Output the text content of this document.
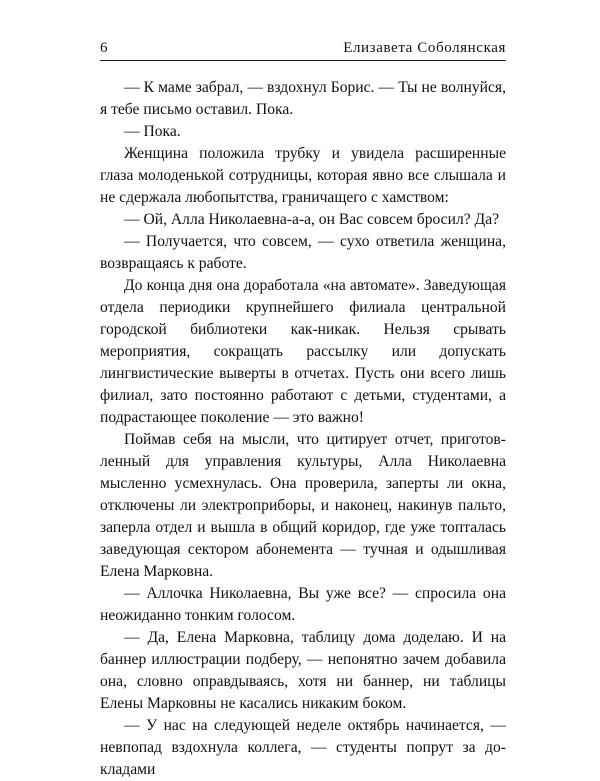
6	Елизавета Соболянская

— К маме забрал, — вздохнул Борис. — Ты не волнуйся, я тебе письмо оставил. Пока.

— Пока.

Женщина положила трубку и увидела расширенные глаза молоденькой сотрудницы, которая явно все слышала и не сдержала любопытства, граничащего с хамством:

— Ой, Алла Николаевна-а-а, он Вас совсем бросил? Да?

— Получается, что совсем, — сухо ответила женщина, возвращаясь к работе.

До конца дня она доработала «на автомате». Заведующая отдела периодики крупнейшего филиала центральной городской библиотеки как-никак. Нельзя срывать мероприятия, сокращать рассылку или допускать лингвистические выверты в отчетах. Пусть они всего лишь филиал, зато постоянно работают с детьми, студентами, а подрастающее поколение — это важно!

Поймав себя на мысли, что цитирует отчет, приготовленный для управления культуры, Алла Николаевна мысленно усмехнулась. Она проверила, заперты ли окна, отключены ли электроприборы, и наконец, накинув пальто, заперла отдел и вышла в общий коридор, где уже топталась заведующая сектором абонемента — тучная и одышливая Елена Марковна.

— Аллочка Николаевна, Вы уже все? — спросила она неожиданно тонким голосом.

— Да, Елена Марковна, таблицу дома доделаю. И на баннер иллюстрации подберу, — непонятно зачем добавила она, словно оправдываясь, хотя ни баннер, ни таблицы Елены Марковны не касались никаким боком.

— У нас на следующей неделе октябрь начинается, — невпопад вздохнула коллега, — студенты попрут за докладами
